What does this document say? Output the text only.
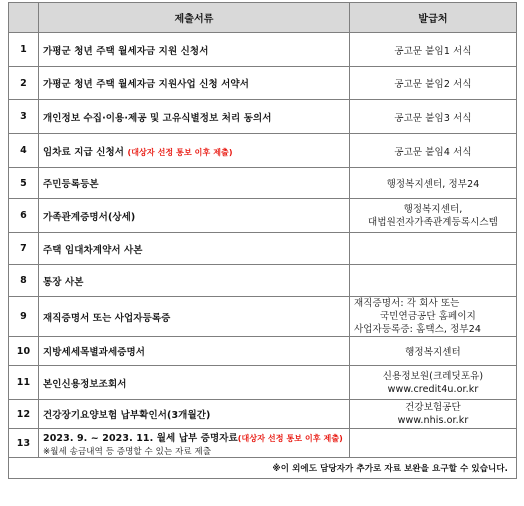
	제출서류	발급처
1	가평군 청년 주택 월세자금 지원 신청서	공고문 붙임1 서식
2	가평군 청년 주택 월세자금 지원사업 신청 서약서	공고문 붙임2 서식
3	개인정보 수집·이용·제공 및 고유식별정보 처리 동의서	공고문 붙임3 서식
4	임차료 지급 신청서 (대상자 선정 통보 이후 제출)	공고문 붙임4 서식
5	주민등록등본	행정복지센터, 정부24
6	가족관계증명서(상세)	행정복지센터,
대법원전자가족관계등록시스템

7	주택 임대차계약서 사본	
8	통장 사본	
9	재직증명서 또는 사업자등록증	재직증명서: 각 회사 또는
국민연금공단 홈페이지
사업자등록증: 홈택스, 정부24

10	지방세세목별과세증명서	행정복지센터
11	본인신용정보조회서	신용정보원(크레딧포유)
www.credit4u.or.kr

12	건강장기요양보험 납부확인서(3개월간)	건강보험공단
www.nhis.or.kr

13	2023. 9. ~ 2023. 11. 월세 납부 증명자료(대상자 선정 통보 이후 제출)
※월세 송금내역 등 증명할 수 있는 자료 제출	

※이 외에도 담당자가 추가로 자료 보완을 요구할 수 있습니다.		
